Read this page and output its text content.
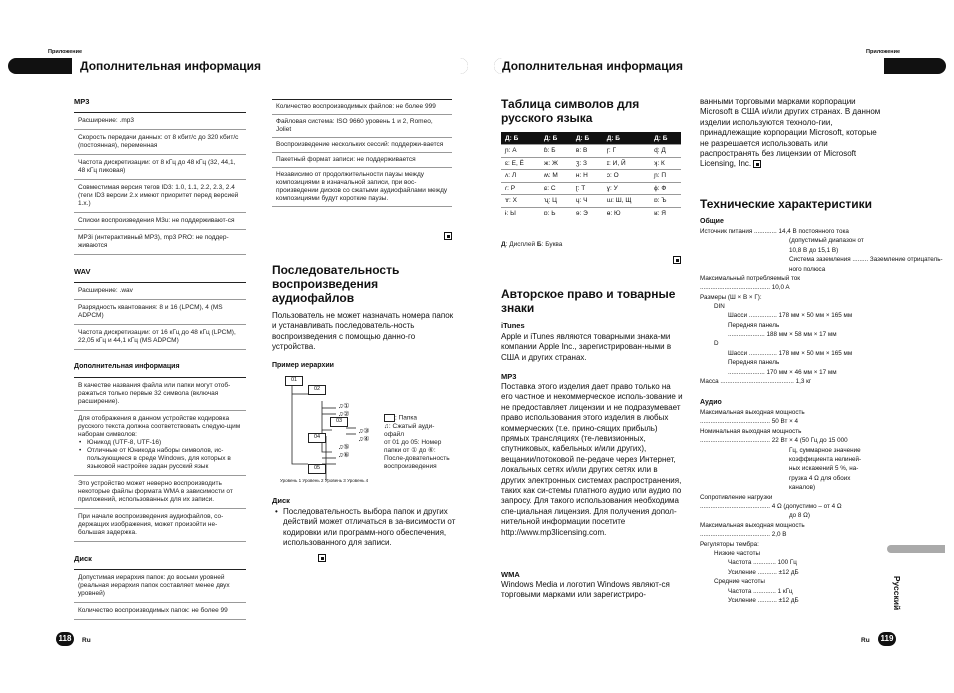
Приложение	Приложение
Дополнительная информация	Дополнительная информация
MP3
Расширение: .mp3
Скорость передачи данных: от 8 кбит/с до 320 кбит/с (постоянная), переменная
Частота дискретизации: от 8 кГц до 48 кГц (32, 44,1, 48 кГц пиковая)
Совместимая версия тегов ID3: 1.0, 1.1, 2.2, 2.3, 2.4 (теги ID3 версии 2.x имеют приоритет перед версией 1.x.)
Списки воспроизведения M3u: не поддерживают-ся
MP3i (интерактивный MP3), mp3 PRO: не поддер-живаются
WAV
Расширение: .wav
Разрядность квантования: 8 и 16 (LPCM), 4 (MS ADPCM)
Частота дискретизации: от 16 кГц до 48 кГц (LPCM), 22,05 кГц и 44,1 кГц (MS ADPCM)
Дополнительная информация
В качестве названия файла или папки могут отоб-ражаться только первые 32 символа (включая расширение).
Для отображения в данном устройстве кодировка русского текста должна соответствовать следую-щим наборам символов:
• Юникод (UTF-8, UTF-16)
• Отличные от Юникода наборы символов, ис-пользующиеся в среде Windows, для которых в языковой настройке задан русский язык
Это устройство может неверно воспроизводить некоторые файлы формата WMA в зависимости от приложений, использованных для их записи.
При начале воспроизведения аудиофайлов, со-держащих изображения, может произойти не-большая задержка.
Диск
Допустимая иерархия папок: до восьми уровней (реальная иерархия папок составляет менее двух уровней)
Количество воспроизводимых папок: не более 99
Количество воспроизводимых файлов: не более 999
Файловая система: ISO 9660 уровень 1 и 2, Romeo, Joliet
Воспроизведение нескольких сессий: поддержи-вается
Пакетный формат записи: не поддерживается
Независимо от продолжительности паузы между композициями в изначальной записи, при вос-произведении дисков со сжатыми аудиофайлами между композициями будут короткие паузы.
Последовательность воспроизведения аудиофайлов
Пользователь не может назначать номера папок и устанавливать последователь-ность воспроизведения с помощью данно-го устройства.
Пример иерархии
01
02
03
04
05
♫①
♫②
♫③
♫④
♫⑤
♫⑥
Уровень 1 Уровень 2 Уровень 3 Уровень 4
: Папка
♫: Сжатый ауди-офайл
от 01 до 05: Номер папки от ① до ⑥: После-довательность воспроизведения
Диск
• Последовательность выбора папок и других действий может отличаться в за-висимости от кодировки или программ-ного обеспечения, использованного для записи.
Таблица символов для русского языка
Д: Б	Д: Б	Д: Б	Д: Б	Д: Б
ɲ: А	ɓ: Б	ʙ: В	ɼ: Г	ɖ: Д
ɛ: Е, Ё	ж: Ж	ʒ: З	ɪ: И, Й	ʞ: К
ʌ: Л	ʍ: М	ʜ: Н	ɔ: О	ɲ: П
ɾ: Р	ɕ: С	ʈ: Т	ɣ: У	ɸ: Ф
ɤ: Х	ʯ: Ц	ɥ: Ч	ɯ: Ш, Щ	ɒ: Ъ
ɨ: Ы	ɒ: Ь	ɘ: Э	ɵ: Ю	ʁ: Я
Д: Дисплей Б: Буква
Авторское право и товарные знаки
iTunes
Apple и iTunes являются товарными знака-ми компании Apple Inc., зарегистрирован-ными в США и других странах.
MP3
Поставка этого изделия дает право только на его частное и некоммерческое исполь-зование и не предоставляет лицензии и не подразумевает право использования этого изделия в любых коммерческих (т.е. прино-сящих прибыль) прямых трансляциях (те-левизионных, спутниковых, кабельных и/или других), вещании/потоковой пе-редаче через Интернет, локальных сетях и/или других сетях или в других электронных системах распространения, таких как си-стемы платного аудио или аудио по запросу. Для такого использования необходима спе-циальная лицензия. Для получения допол-нительной информации посетите http://www.mp3licensing.com.
WMA
Windows Media и логотип Windows являют-ся торговыми марками или зарегистриро-
ванными торговыми марками корпорации Microsoft в США и/или других странах. В данном изделии используются техноло-гии, принадлежащие корпорации Microsoft, которые не разрешается использовать или распространять без лицензии от Microsoft Licensing, Inc.
Технические характеристики
Общие
Источник питания ............. 14,4 В постоянного тока
(допустимый диапазон от
10,8 В до 15,1 В)
Система заземления ......... Заземление отрицатель-
ного полюса
Максимальный потребляемый ток
........................................ 10,0 A
Размеры (Ш × В × Г):
DIN
Шасси ................ 178 мм × 50 мм × 165 мм
Передняя панель
..................... 188 мм × 58 мм × 17 мм
D
Шасси ................ 178 мм × 50 мм × 165 мм
Передняя панель
..................... 170 мм × 46 мм × 17 мм
Масса .......................................... 1,3 кг
Максимальная выходная мощность
........................................ 50 Вт × 4
Номинальная выходная мощность
........................................ 22 Вт × 4 (50 Гц до 15 000
Гц, суммарное значение
коэффициента нелиней-
ных искажений 5 %, на-
грузка 4 Ω для обоих
каналов)
Сопротивление нагрузки
........................................ 4 Ω (допустимо – от 4 Ω
до 8 Ω)
Максимальная выходная мощность
........................................ 2,0 В
Регуляторы тембра:
Низкие частоты
Частота ............. 100 Гц
Усиление ........... ±12 дБ
Средние частоты
Частота ............. 1 кГц
Усиление ........... ±12 дБ
Аудио
Русский
118	Ru	Ru	119
